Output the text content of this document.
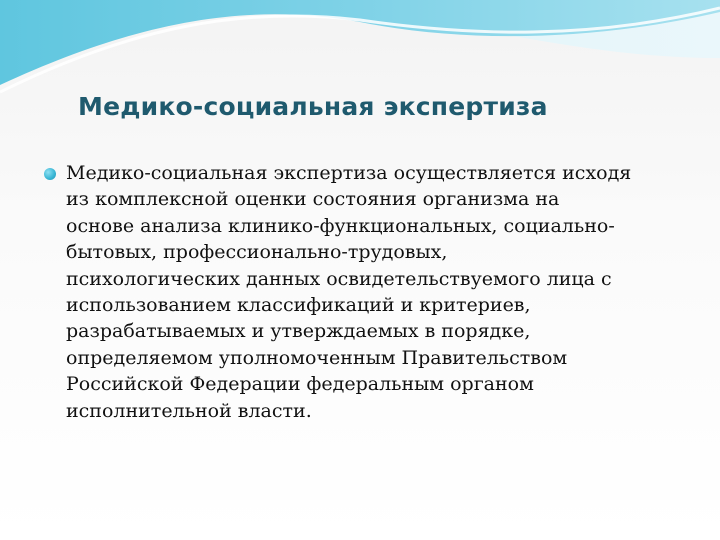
Медико-социальная экспертиза

Медико-социальная экспертиза осуществляется исходя
из комплексной оценки состояния организма на
основе анализа клинико-функциональных, социально-
бытовых, профессионально-трудовых,
психологических данных освидетельствуемого лица с
использованием классификаций и критериев,
разрабатываемых и утверждаемых в порядке,
определяемом уполномоченным Правительством
Российской Федерации федеральным органом
исполнительной власти.
